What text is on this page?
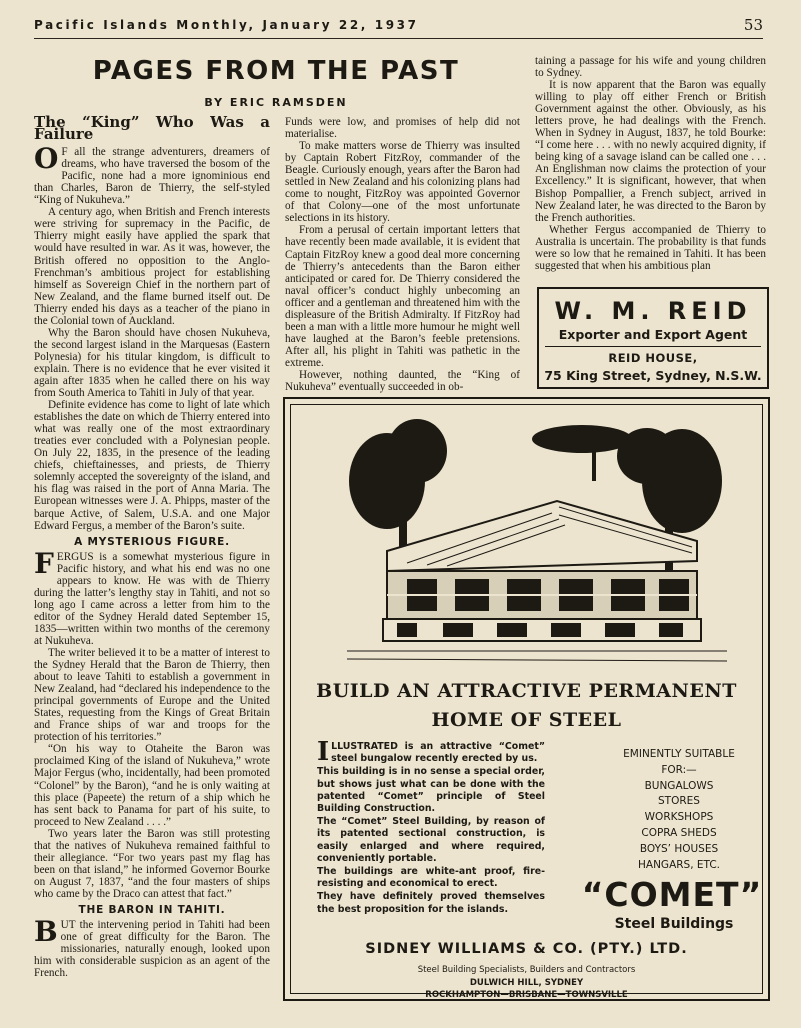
Pacific Islands Monthly, January 22, 1937	53
PAGES FROM THE PAST
BY ERIC RAMSDEN
The “King” Who Was a Failure

O F all the strange adventurers, dreamers of dreams, who have traversed the bosom of the Pacific, none had a more ignominious end than Charles, Baron de Thierry, the self-styled “King of Nukuheva.”

A century ago, when British and French interests were striving for supremacy in the Pacific, de Thierry might easily have applied the spark that would have resulted in war. As it was, however, the British offered no opposition to the Anglo-Frenchman’s ambitious project for establishing himself as Sovereign Chief in the northern part of New Zealand, and the flame burned itself out. De Thierry ended his days as a teacher of the piano in the Colonial town of Auckland.

Why the Baron should have chosen Nukuheva, the second largest island in the Marquesas (Eastern Polynesia) for his titular kingdom, is difficult to explain. There is no evidence that he ever visited it again after 1835 when he called there on his way from South America to Tahiti in July of that year.

Definite evidence has come to light of late which establishes the date on which de Thierry entered into what was really one of the most extraordinary treaties ever concluded with a Polynesian people. On July 22, 1835, in the presence of the leading chiefs, chieftainesses, and priests, de Thierry solemnly accepted the sovereignty of the island, and his flag was raised in the port of Anna Maria. The European witnesses were J. A. Phipps, master of the barque Active, of Salem, U.S.A. and one Major Edward Fergus, a member of the Baron’s suite.

A MYSTERIOUS FIGURE.

FERGUS is a somewhat mysterious figure in Pacific history, and what his end was no one appears to know. He was with de Thierry during the latter’s lengthy stay in Tahiti, and not so long ago I came across a letter from him to the editor of the Sydney Herald dated September 15, 1835—written within two months of the ceremony at Nukuheva.

The writer believed it to be a matter of interest to the Sydney Herald that the Baron de Thierry, then about to leave Tahiti to establish a government in New Zealand, had “declared his independence to the principal governments of Europe and the United States, requesting from the Kings of Great Britain and France ships of war and troops for the protection of his territories.”

“On his way to Otaheite the Baron was proclaimed King of the island of Nukuheva,” wrote Major Fergus (who, incidentally, had been promoted “Colonel” by the Baron), “and he is only waiting at this place (Papeete) the return of a ship which he has sent back to Panama for part of his suite, to proceed to New Zealand . . . .”

Two years later the Baron was still protesting that the natives of Nukuheva remained faithful to their allegiance. “For two years past my flag has been on that island,” he informed Governor Bourke on August 7, 1837, “and the four masters of ships who came by the Draco can attest that fact.”

THE BARON IN TAHITI.

BUT the intervening period in Tahiti had been one of great difficulty for the Baron. The missionaries, naturally enough, looked upon him with considerable suspicion as an agent of the French.

Funds were low, and promises of help did not materialise.

To make matters worse de Thierry was insulted by Captain Robert FitzRoy, commander of the Beagle. Curiously enough, years after the Baron had settled in New Zealand and his colonizing plans had come to nought, FitzRoy was appointed Governor of that Colony—one of the most unfortunate selections in its history.

From a perusal of certain important letters that have recently been made available, it is evident that Captain FitzRoy knew a good deal more concerning de Thierry’s antecedents than the Baron either anticipated or cared for. De Thierry considered the naval officer’s conduct highly unbecoming an officer and a gentleman and threatened him with the displeasure of the British Admiralty. If FitzRoy had been a man with a little more humour he might well have laughed at the Baron’s feeble pretensions. After all, his plight in Tahiti was pathetic in the extreme.

However, nothing daunted, the “King of Nukuheva” eventually succeeded in ob-

taining a passage for his wife and young children to Sydney.

It is now apparent that the Baron was equally willing to play off either French or British Government against the other. Obviously, as his letters prove, he had dealings with the French. When in Sydney in August, 1837, he told Bourke: “I come here . . . with no newly acquired dignity, if being king of a savage island can be called one . . . An Englishman now claims the protection of your Excellency.” It is significant, however, that when Bishop Pompallier, a French subject, arrived in New Zealand later, he was directed to the Baron by the French authorities.

Whether Fergus accompanied de Thierry to Australia is uncertain. The probability is that funds were so low that he remained in Tahiti. It has been suggested that when his ambitious plan

W. M. REID
Exporter and Export Agent
REID HOUSE,
75 King Street, Sydney, N.S.W.
BUILD AN ATTRACTIVE PERMANENT
HOME OF STEEL

ILLUSTRATED is an attractive “Comet” steel bungalow recently erected by us.

This building is in no sense a special order, but shows just what can be done with the patented “Comet” principle of Steel Building Construction.

The “Comet” Steel Building, by reason of its patented sectional construction, is easily enlarged and where required, conveniently portable.

The buildings are white-ant proof, fire-resisting and economical to erect.

They have definitely proved themselves the best proposition for the islands.

EMINENTLY SUITABLE
FOR:—
BUNGALOWS
STORES
WORKSHOPS
COPRA SHEDS
BOYS’ HOUSES
HANGARS, ETC.
“COMET”
Steel Buildings
SIDNEY WILLIAMS & CO. (PTY.) LTD.
Steel Building Specialists, Builders and Contractors
DULWICH HILL, SYDNEY
ROCKHAMPTON—BRISBANE—TOWNSVILLE
